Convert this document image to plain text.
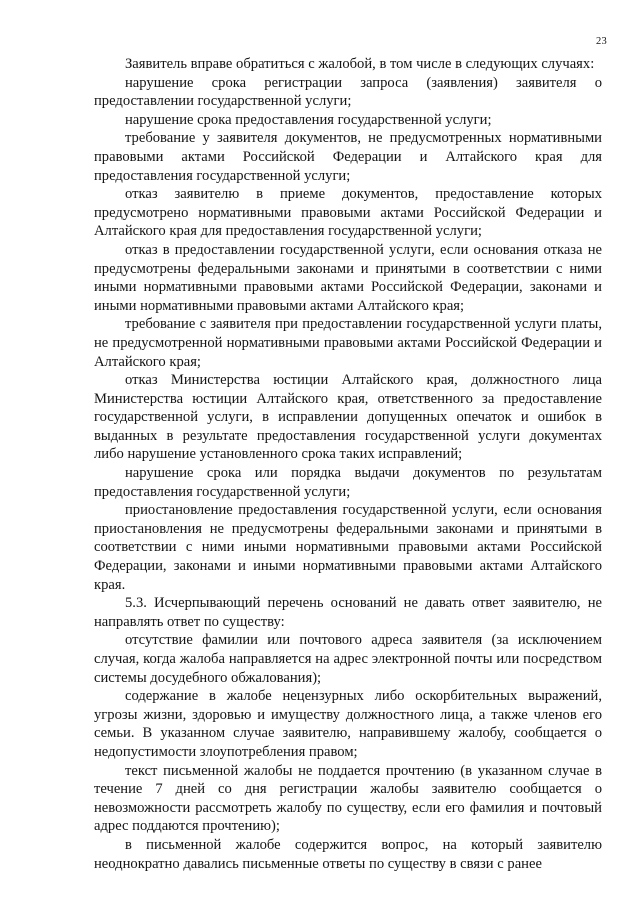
23

Заявитель вправе обратиться с жалобой, в том числе в следующих случаях:

нарушение срока регистрации запроса (заявления) заявителя о предоставлении государственной услуги;

нарушение срока предоставления государственной услуги;

требование у заявителя документов, не предусмотренных нормативными правовыми актами Российской Федерации и Алтайского края для предоставления государственной услуги;

отказ заявителю в приеме документов, предоставление которых предусмотрено нормативными правовыми актами Российской Федерации и Алтайского края для предоставления государственной услуги;

отказ в предоставлении государственной услуги, если основания отказа не предусмотрены федеральными законами и принятыми в соответствии с ними иными нормативными правовыми актами Российской Федерации, законами и иными нормативными правовыми актами Алтайского края;

требование с заявителя при предоставлении государственной услуги платы, не предусмотренной нормативными правовыми актами Российской Федерации и Алтайского края;

отказ Министерства юстиции Алтайского края, должностного лица Министерства юстиции Алтайского края, ответственного за предоставление государственной услуги, в исправлении допущенных опечаток и ошибок в выданных в результате предоставления государственной услуги документах либо нарушение установленного срока таких исправлений;

нарушение срока или порядка выдачи документов по результатам предоставления государственной услуги;

приостановление предоставления государственной услуги, если основания приостановления не предусмотрены федеральными законами и принятыми в соответствии с ними иными нормативными правовыми актами Российской Федерации, законами и иными нормативными правовыми актами Алтайского края.

5.3. Исчерпывающий перечень оснований не давать ответ заявителю, не направлять ответ по существу:

отсутствие фамилии или почтового адреса заявителя (за исключением случая, когда жалоба направляется на адрес электронной почты или посредством системы досудебного обжалования);

содержание в жалобе нецензурных либо оскорбительных выражений, угрозы жизни, здоровью и имуществу должностного лица, а также членов его семьи. В указанном случае заявителю, направившему жалобу, сообщается о недопустимости злоупотребления правом;

текст письменной жалобы не поддается прочтению (в указанном случае в течение 7 дней со дня регистрации жалобы заявителю сообщается о невозможности рассмотреть жалобу по существу, если его фамилия и почтовый адрес поддаются прочтению);

в письменной жалобе содержится вопрос, на который заявителю неоднократно давались письменные ответы по существу в связи с ранее
